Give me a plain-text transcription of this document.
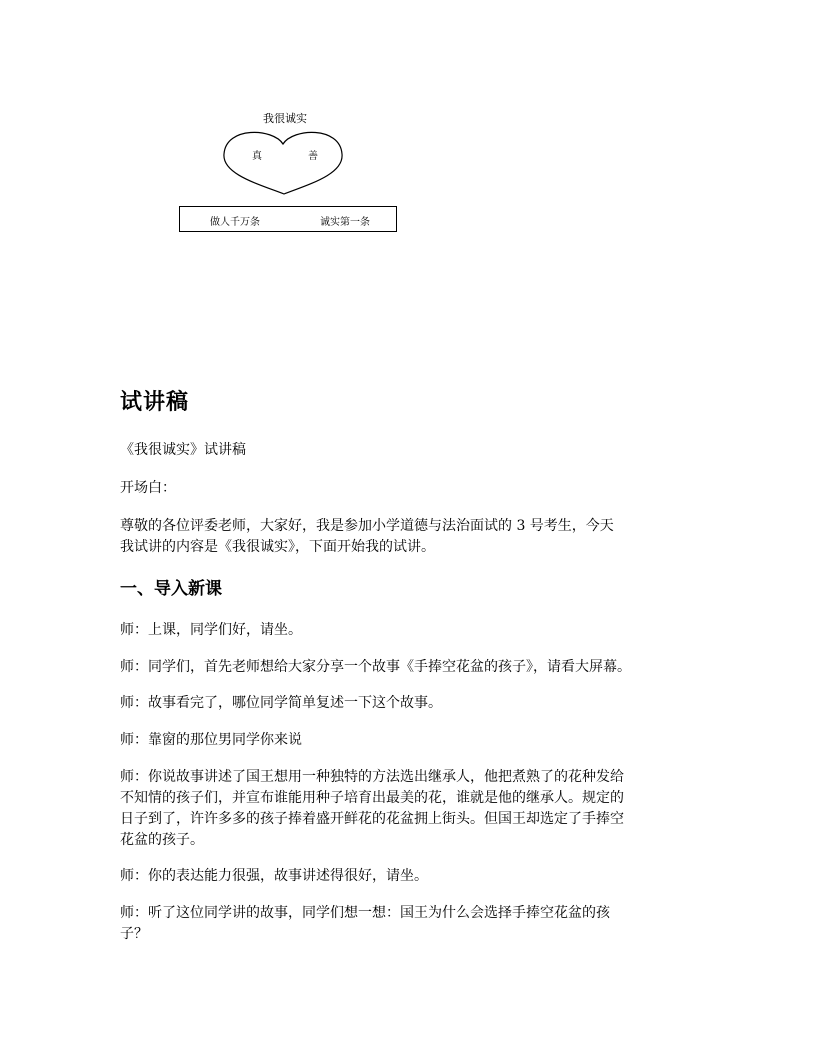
我很诚实
真	善
做人千万条	诚实第一条
试讲稿
《我很诚实》试讲稿
开场白：
尊敬的各位评委老师，大家好，我是参加小学道德与法治面试的 3 号考生，今天
我试讲的内容是《我很诚实》，下面开始我的试讲。
一、导入新课
师：上课，同学们好，请坐。
师：同学们，首先老师想给大家分享一个故事《手捧空花盆的孩子》，请看大屏幕。
师：故事看完了，哪位同学简单复述一下这个故事。
师：靠窗的那位男同学你来说
师：你说故事讲述了国王想用一种独特的方法选出继承人，他把煮熟了的花种发给
不知情的孩子们，并宣布谁能用种子培育出最美的花，谁就是他的继承人。规定的
日子到了，许许多多的孩子捧着盛开鲜花的花盆拥上街头。但国王却选定了手捧空
花盆的孩子。
师：你的表达能力很强，故事讲述得很好，请坐。
师：听了这位同学讲的故事，同学们想一想：国王为什么会选择手捧空花盆的孩
子？
